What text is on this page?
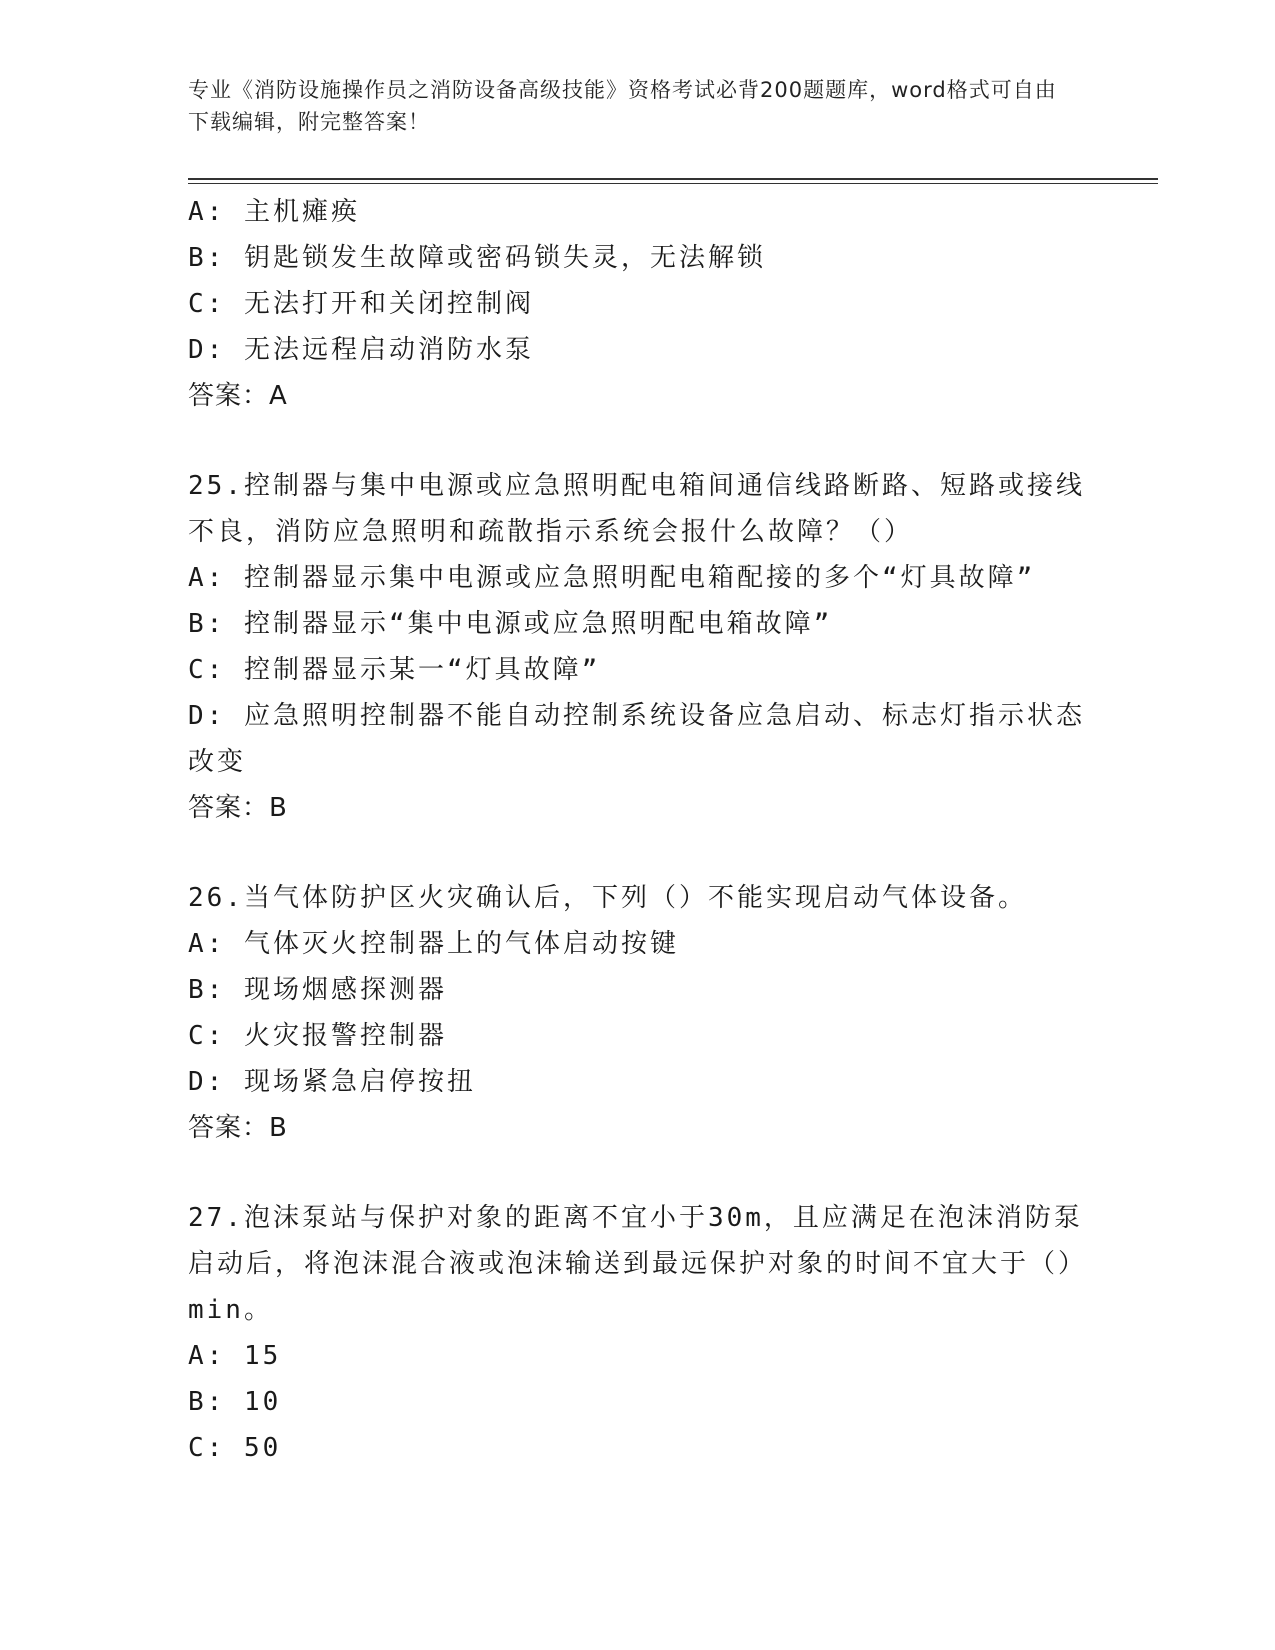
专业《消防设施操作员之消防设备高级技能》资格考试必背200题题库，word格式可自由下载编辑，附完整答案！

A: 主机瘫痪

B: 钥匙锁发生故障或密码锁失灵，无法解锁

C: 无法打开和关闭控制阀

D: 无法远程启动消防水泵

答案：A

25.控制器与集中电源或应急照明配电箱间通信线路断路、短路或接线不良，消防应急照明和疏散指示系统会报什么故障？（）

A: 控制器显示集中电源或应急照明配电箱配接的多个“灯具故障”

B: 控制器显示“集中电源或应急照明配电箱故障”

C: 控制器显示某一“灯具故障”

D: 应急照明控制器不能自动控制系统设备应急启动、标志灯指示状态改变

答案：B

26.当气体防护区火灾确认后，下列（）不能实现启动气体设备。

A: 气体灭火控制器上的气体启动按键

B: 现场烟感探测器

C: 火灾报警控制器

D: 现场紧急启停按扭

答案：B

27.泡沫泵站与保护对象的距离不宜小于30m，且应满足在泡沫消防泵启动后，将泡沫混合液或泡沫输送到最远保护对象的时间不宜大于（）min。

A: 15

B: 10

C: 50
